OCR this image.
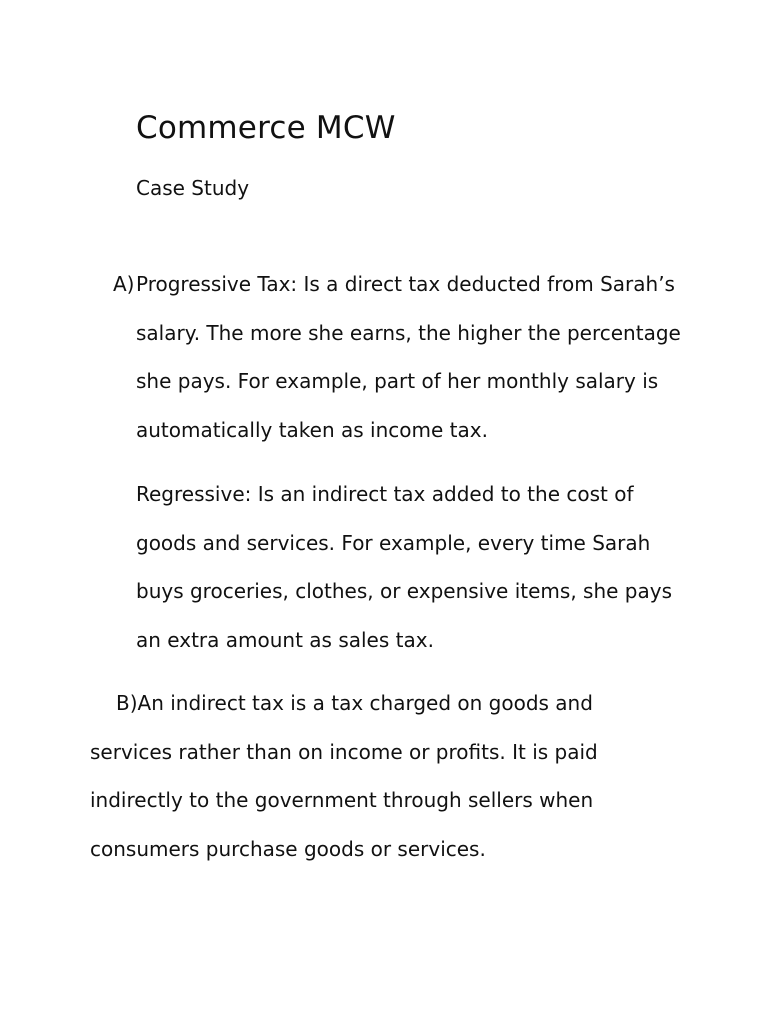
Commerce MCW
Case Study
A) Progressive Tax: Is a direct tax deducted from Sarah’s salary. The more she earns, the higher the percentage she pays. For example, part of her monthly salary is automatically taken as income tax.

Regressive: Is an indirect tax added to the cost of goods and services. For example, every time Sarah buys groceries, clothes, or expensive items, she pays an extra amount as sales tax.

B)An indirect tax is a tax charged on goods and services rather than on income or profits. It is paid indirectly to the government through sellers when consumers purchase goods or services.
